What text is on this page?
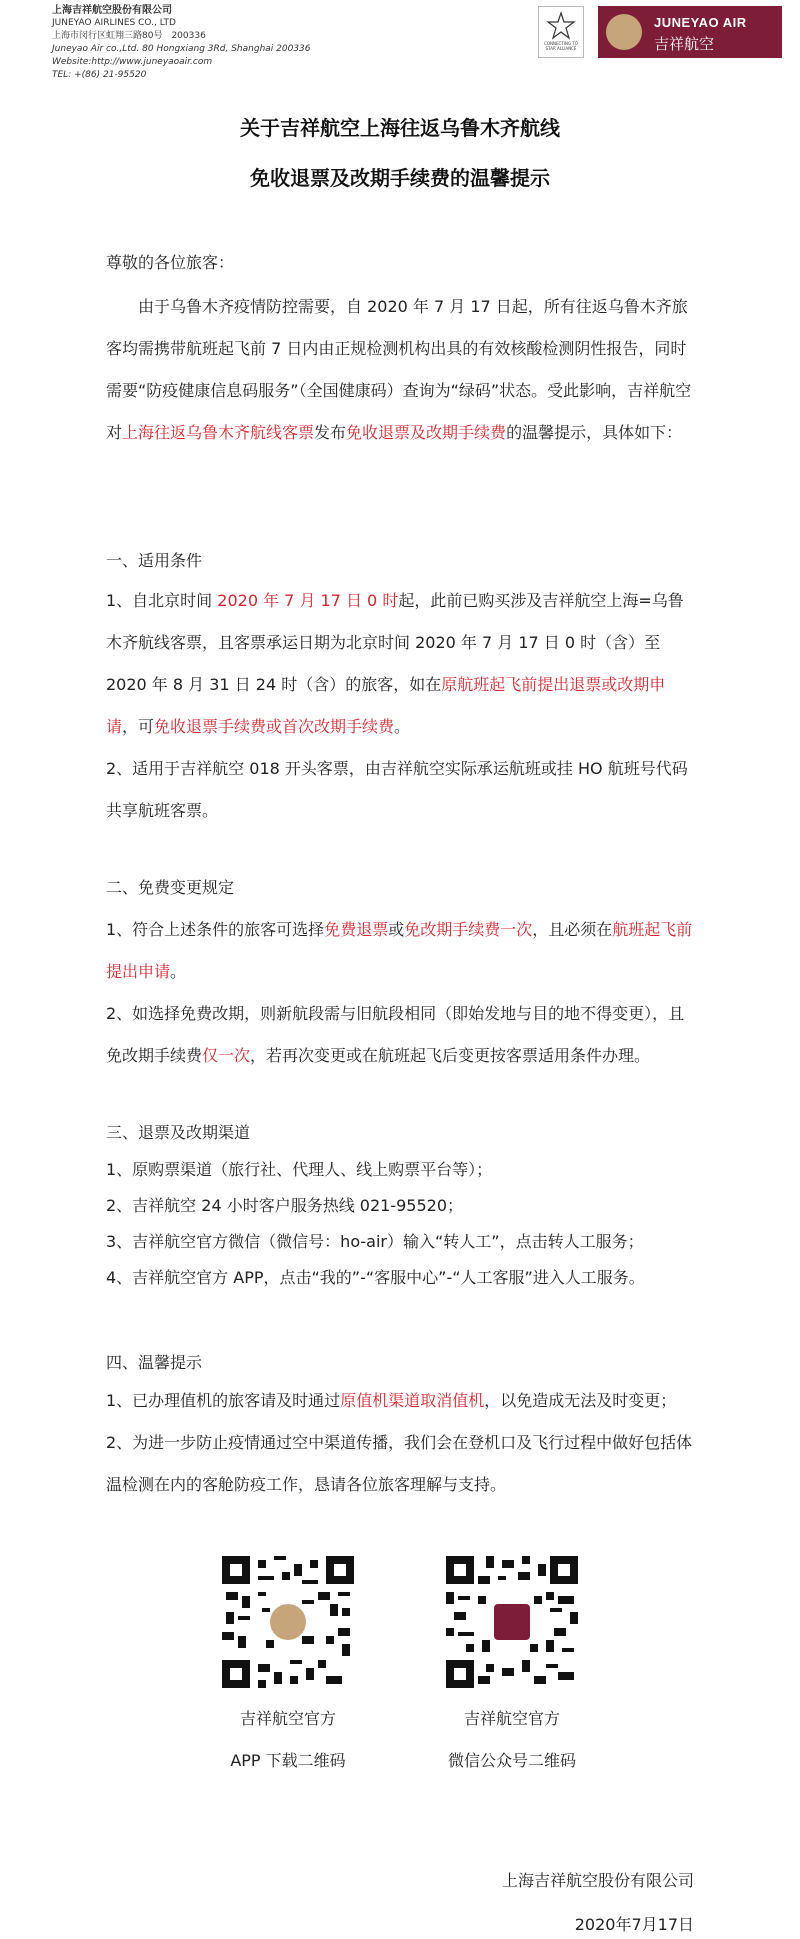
上海吉祥航空股份有限公司
JUNEYAO AIRLINES CO., LTD
上海市闵行区虹翔三路80号　200336
Juneyao Air co.,Ltd. 80 Hongxiang 3Rd, Shanghai 200336
Website:http://www.juneyaoair.com
TEL: +(86) 21-95520
CONNECTING TO STAR ALLIANCE
JUNEYAO AIR
吉祥航空
关于吉祥航空上海往返乌鲁木齐航线
免收退票及改期手续费的温馨提示
尊敬的各位旅客：
由于乌鲁木齐疫情防控需要，自 2020 年 7 月 17 日起，所有往返乌鲁木齐旅客均需携带航班起飞前 7 日内由正规检测机构出具的有效核酸检测阴性报告，同时需要“防疫健康信息码服务”（全国健康码）查询为“绿码”状态。受此影响，吉祥航空对上海往返乌鲁木齐航线客票发布免收退票及改期手续费的温馨提示，具体如下：
一、适用条件
1、自北京时间 2020 年 7 月 17 日 0 时起，此前已购买涉及吉祥航空上海=乌鲁木齐航线客票，且客票承运日期为北京时间 2020 年 7 月 17 日 0 时（含）至 2020 年 8 月 31 日 24 时（含）的旅客，如在原航班起飞前提出退票或改期申请，可免收退票手续费或首次改期手续费。
2、适用于吉祥航空 018 开头客票，由吉祥航空实际承运航班或挂 HO 航班号代码共享航班客票。
二、免费变更规定
1、符合上述条件的旅客可选择免费退票或免改期手续费一次，且必须在航班起飞前提出申请。
2、如选择免费改期，则新航段需与旧航段相同（即始发地与目的地不得变更），且免改期手续费仅一次，若再次变更或在航班起飞后变更按客票适用条件办理。
三、退票及改期渠道
1、原购票渠道（旅行社、代理人、线上购票平台等）；
2、吉祥航空 24 小时客户服务热线 021-95520；
3、吉祥航空官方微信（微信号：ho-air）输入“转人工”，点击转人工服务；
4、吉祥航空官方 APP，点击“我的”-“客服中心”-“人工客服”进入人工服务。
四、温馨提示
1、已办理值机的旅客请及时通过原值机渠道取消值机，以免造成无法及时变更；
2、为进一步防止疫情通过空中渠道传播，我们会在登机口及飞行过程中做好包括体温检测在内的客舱防疫工作，恳请各位旅客理解与支持。
吉祥航空官方
APP 下载二维码
吉祥航空官方
微信公众号二维码
上海吉祥航空股份有限公司
2020年7月17日
